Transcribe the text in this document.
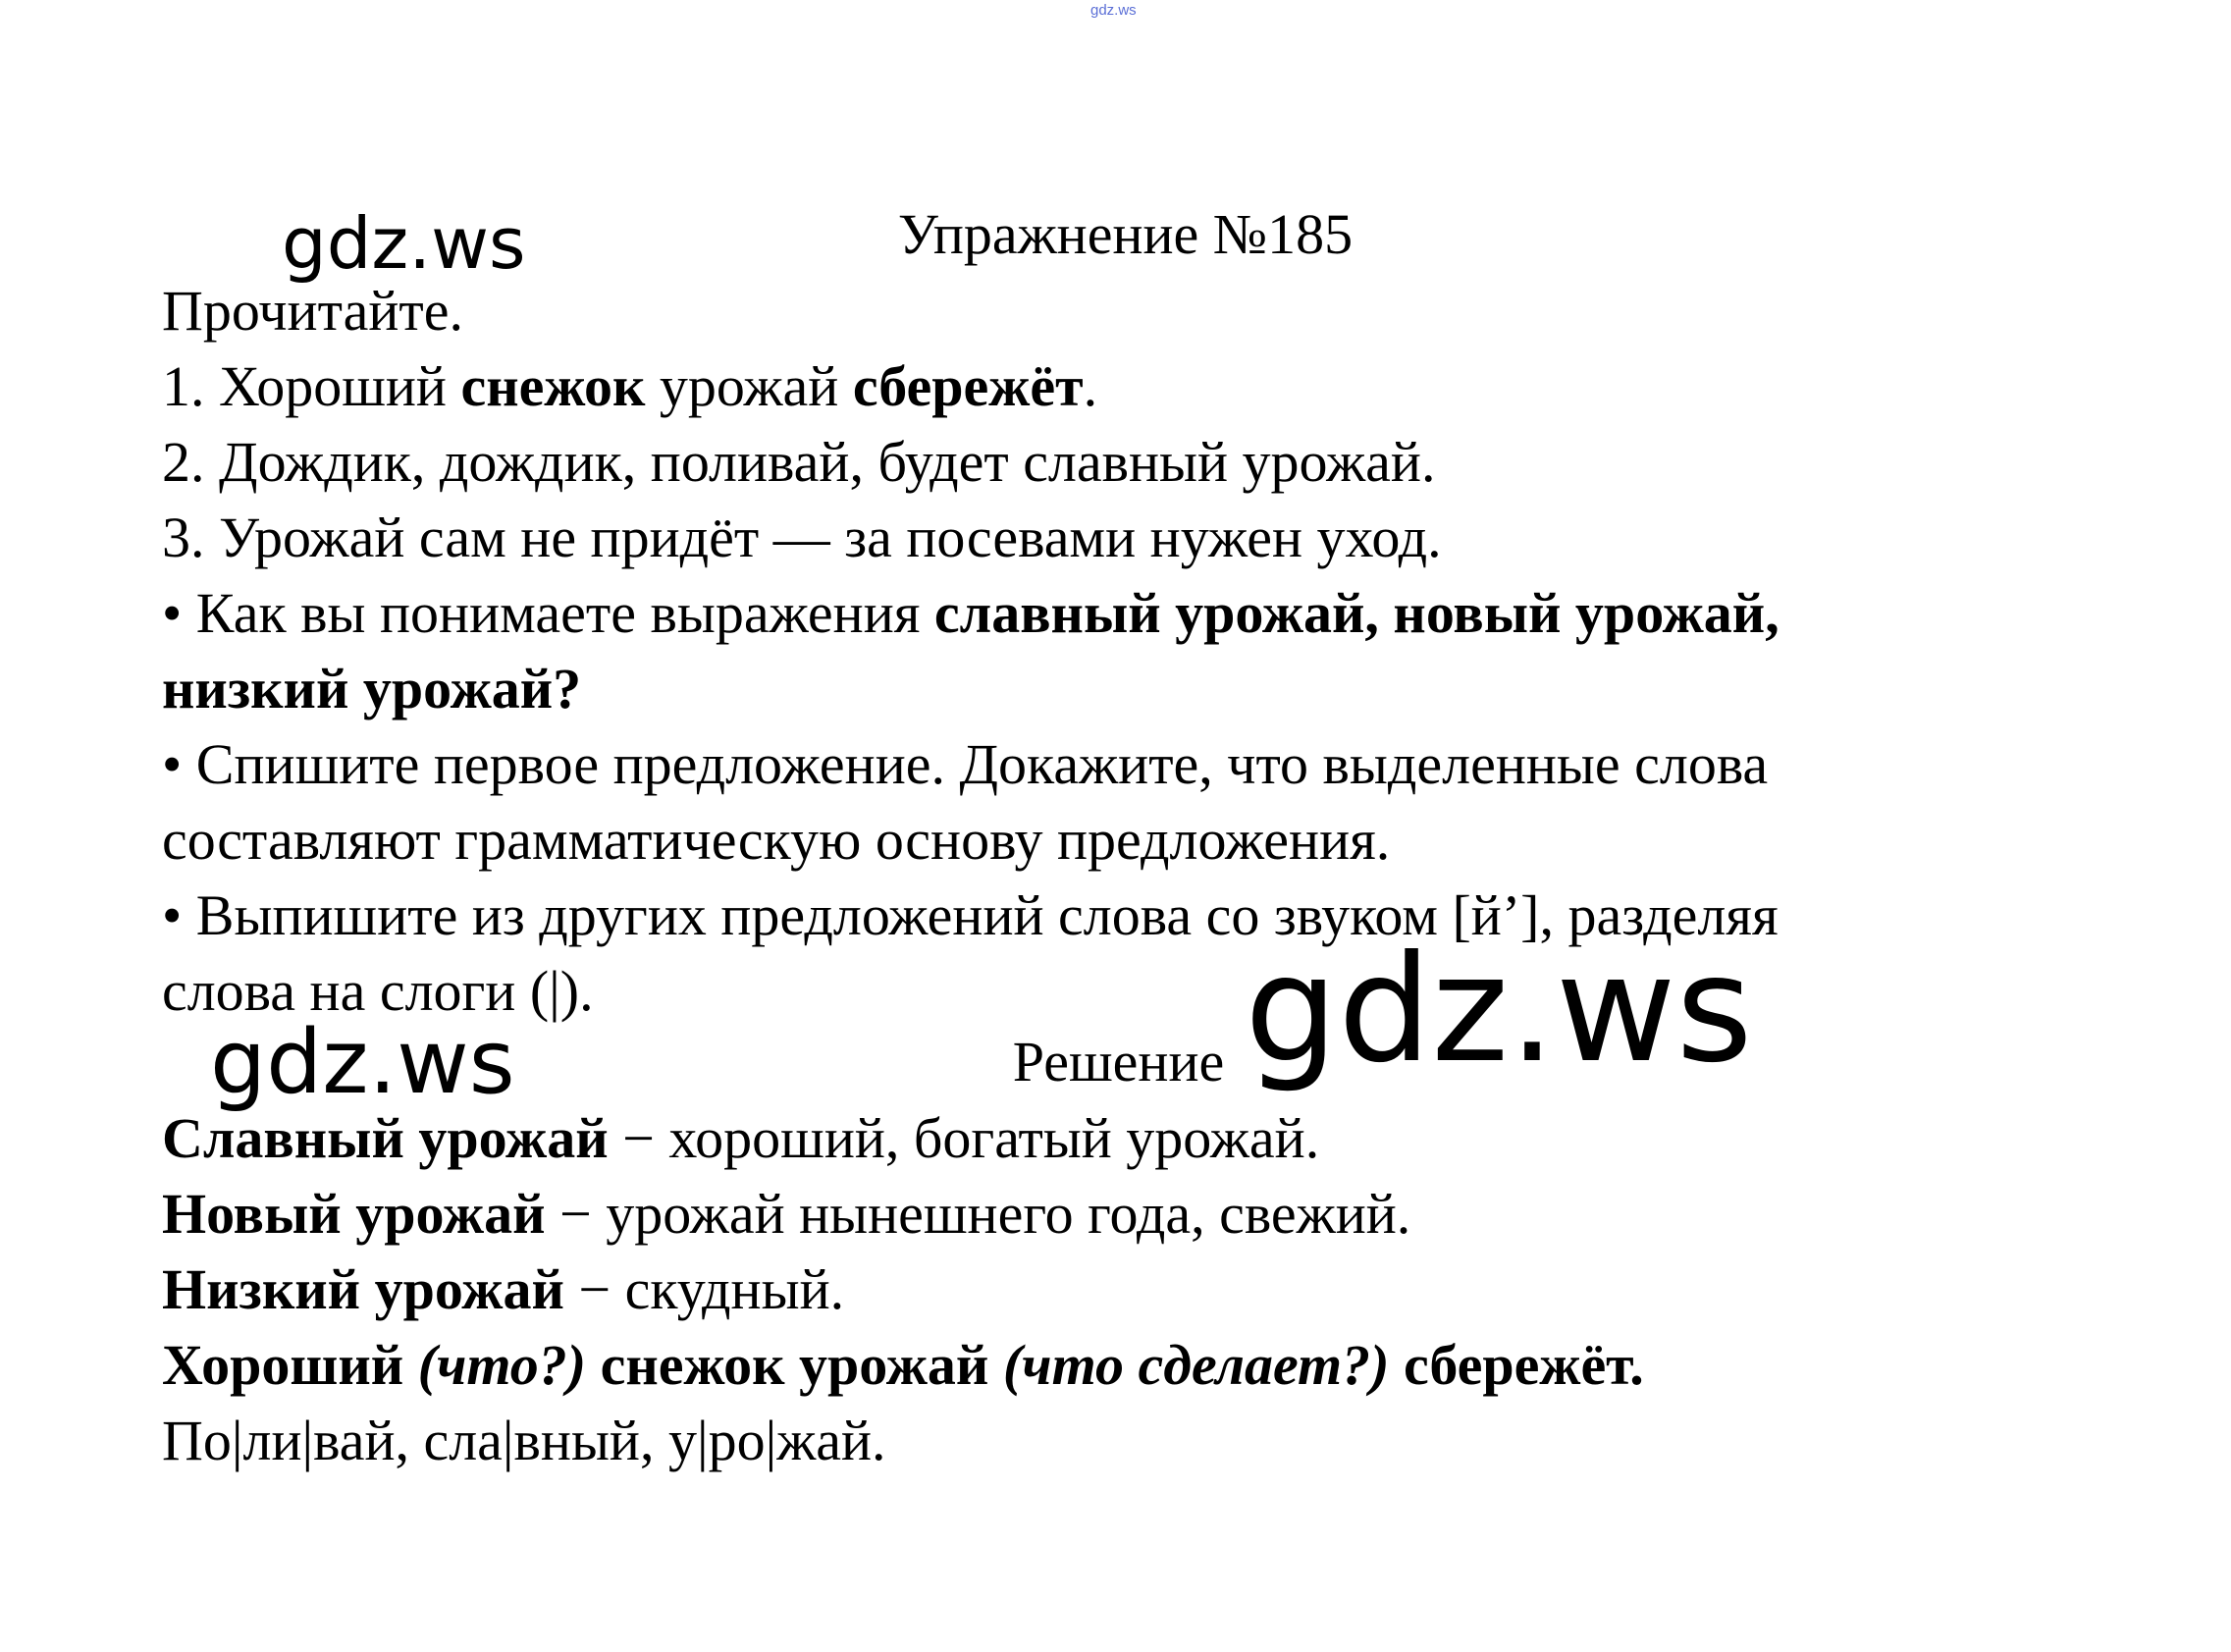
gdz.ws
gdz.ws	Упражнение №185
Прочитайте.
1. Хороший снежок урожай сбережёт.
2. Дождик, дождик, поливай, будет славный урожай.
3. Урожай сам не придёт — за посевами нужен уход.
• Как вы понимаете выражения славный урожай, новый урожай,
низкий урожай?
• Спишите первое предложение. Докажите, что выделенные слова
составляют грамматическую основу предложения.
• Выпишите из других предложений слова со звуком [й’], разделяя
слова на слоги (|).
gdz.ws	Решение gdz.ws
Славный урожай − хороший, богатый урожай.
Новый урожай − урожай нынешнего года, свежий.
Низкий урожай − скудный.
Хороший (что?) снежок урожай (что сделает?) сбережёт.
По|ли|вай, сла|вный, у|ро|жай.
